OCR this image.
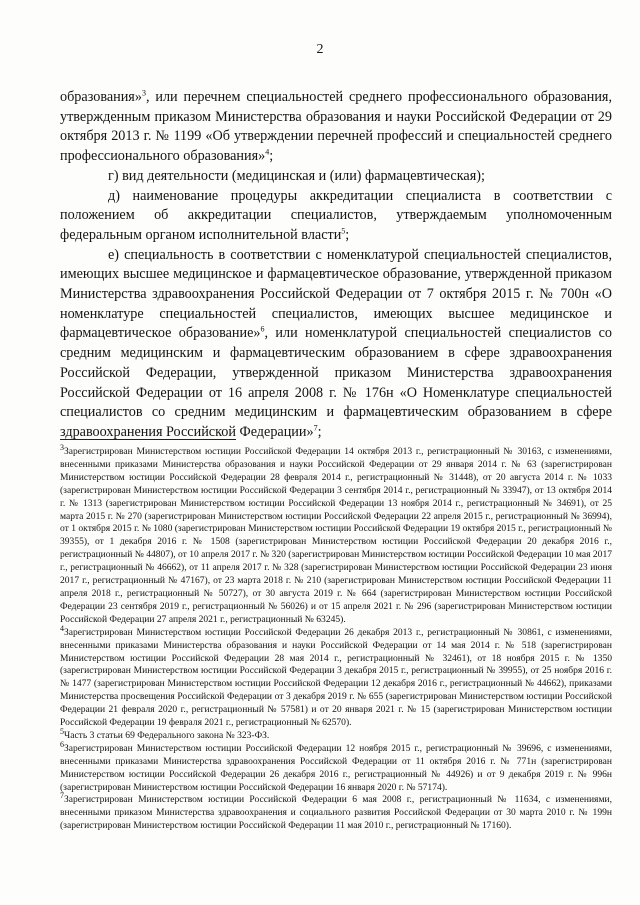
2

образования»$^3$, или перечнем специальностей среднего профессионального образования, утвержденным приказом Министерства образования и науки Российской Федерации от 29 октября 2013 г. № 1199 «Об утверждении перечней профессий и специальностей среднего профессионального образования»$^4$;

г) вид деятельности (медицинская и (или) фармацевтическая);

д) наименование процедуры аккредитации специалиста в соответствии с положением об аккредитации специалистов, утверждаемым уполномоченным федеральным органом исполнительной власти$^5$;

е) специальность в соответствии с номенклатурой специальностей специалистов, имеющих высшее медицинское и фармацевтическое образование, утвержденной приказом Министерства здравоохранения Российской Федерации от 7 октября 2015 г. № 700н «О номенклатуре специальностей специалистов, имеющих высшее медицинское и фармацевтическое образование»$^6$, или номенклатурой специальностей специалистов со средним медицинским и фармацевтическим образованием в сфере здравоохранения Российской Федерации, утвержденной приказом Министерства здравоохранения Российской Федерации от 16 апреля 2008 г. № 176н «О Номенклатуре специальностей специалистов со средним медицинским и фармацевтическим образованием в сфере здравоохранения Российской Федерации»$^7$;

$^3$Зарегистрирован Министерством юстиции Российской Федерации 14 октября 2013 г., регистрационный № 30163, с изменениями, внесенными приказами Министерства образования и науки Российской Федерации от 29 января 2014 г. № 63 (зарегистрирован Министерством юстиции Российской Федерации 28 февраля 2014 г., регистрационный № 31448), от 20 августа 2014 г. № 1033 (зарегистрирован Министерством юстиции Российской Федерации 3 сентября 2014 г., регистрационный № 33947), от 13 октября 2014 г. № 1313 (зарегистрирован Министерством юстиции Российской Федерации 13 ноября 2014 г., регистрационный № 34691), от 25 марта 2015 г. № 270 (зарегистрирован Министерством юстиции Российской Федерации 22 апреля 2015 г., регистрационный № 36994), от 1 октября 2015 г. № 1080 (зарегистрирован Министерством юстиции Российской Федерации 19 октября 2015 г., регистрационный № 39355), от 1 декабря 2016 г. № 1508 (зарегистрирован Министерством юстиции Российской Федерации 20 декабря 2016 г., регистрационный № 44807), от 10 апреля 2017 г. № 320 (зарегистрирован Министерством юстиции Российской Федерации 10 мая 2017 г., регистрационный № 46662), от 11 апреля 2017 г. № 328 (зарегистрирован Министерством юстиции Российской Федерации 23 июня 2017 г., регистрационный № 47167), от 23 марта 2018 г. № 210 (зарегистрирован Министерством юстиции Российской Федерации 11 апреля 2018 г., регистрационный № 50727), от 30 августа 2019 г. № 664 (зарегистрирован Министерством юстиции Российской Федерации 23 сентября 2019 г., регистрационный № 56026) и от 15 апреля 2021 г. № 296 (зарегистрирован Министерством юстиции Российской Федерации 27 апреля 2021 г., регистрационный № 63245).

$^4$Зарегистрирован Министерством юстиции Российской Федерации 26 декабря 2013 г., регистрационный № 30861, с изменениями, внесенными приказами Министерства образования и науки Российской Федерации от 14 мая 2014 г. № 518 (зарегистрирован Министерством юстиции Российской Федерации 28 мая 2014 г., регистрационный № 32461), от 18 ноября 2015 г. № 1350 (зарегистрирован Министерством юстиции Российской Федерации 3 декабря 2015 г., регистрационный № 39955), от 25 ноября 2016 г. № 1477 (зарегистрирован Министерством юстиции Российской Федерации 12 декабря 2016 г., регистрационный № 44662), приказами Министерства просвещения Российской Федерации от 3 декабря 2019 г. № 655 (зарегистрирован Министерством юстиции Российской Федерации 21 февраля 2020 г., регистрационный № 57581) и от 20 января 2021 г. № 15 (зарегистрирован Министерством юстиции Российской Федерации 19 февраля 2021 г., регистрационный № 62570).

$^5$Часть 3 статьи 69 Федерального закона № 323-ФЗ.

$^6$Зарегистрирован Министерством юстиции Российской Федерации 12 ноября 2015 г., регистрационный № 39696, с изменениями, внесенными приказами Министерства здравоохранения Российской Федерации от 11 октября 2016 г. № 771н (зарегистрирован Министерством юстиции Российской Федерации 26 декабря 2016 г., регистрационный № 44926) и от 9 декабря 2019 г. № 996н (зарегистрирован Министерством юстиции Российской Федерации 16 января 2020 г. № 57174).

$^7$Зарегистрирован Министерством юстиции Российской Федерации 6 мая 2008 г., регистрационный № 11634, с изменениями, внесенными приказом Министерства здравоохранения и социального развития Российской Федерации от 30 марта 2010 г. № 199н (зарегистрирован Министерством юстиции Российской Федерации 11 мая 2010 г., регистрационный № 17160).
